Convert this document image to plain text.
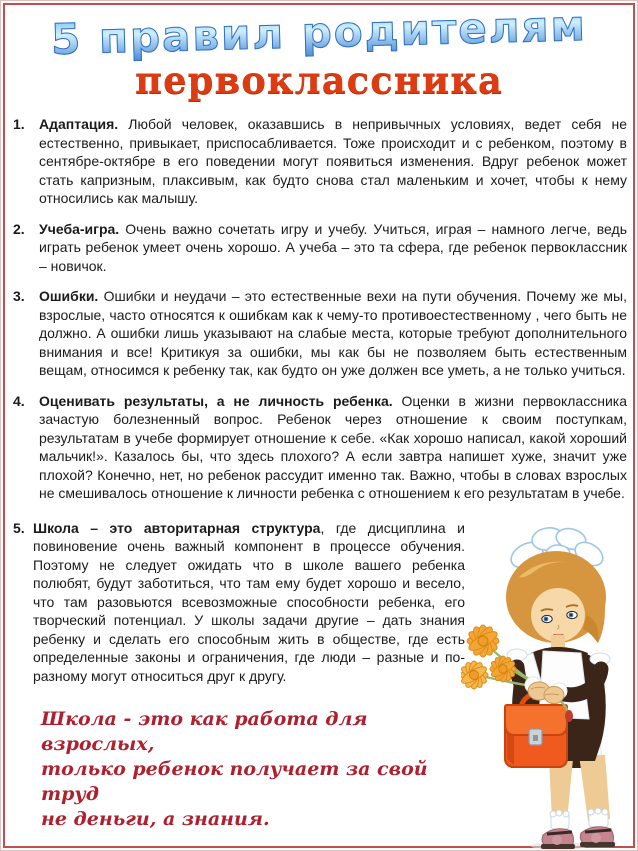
5 правил родителям
первоклассника
1.	Адаптация. Любой человек, оказавшись в непривычных условиях, ведет себя не естественно, привыкает, приспосабливается. Тоже происходит и с ребенком, поэтому в сентябре-октябре в его поведении могут появиться изменения. Вдруг ребенок может стать капризным, плаксивым, как будто снова стал маленьким и хочет, чтобы к нему относились как малышу.

2.	Учеба-игра. Очень важно сочетать игру и учебу. Учиться, играя – намного легче, ведь играть ребенок умеет очень хорошо. А учеба – это та сфера, где ребенок первоклассник – новичок.

3.	Ошибки. Ошибки и неудачи – это естественные вехи на пути обучения. Почему же мы, взрослые, часто относятся к ошибкам как к чему-то противоестественному , чего быть не должно. А ошибки лишь указывают на слабые места, которые требуют дополнительного внимания и все! Критикуя за ошибки, мы как бы не позволяем быть естественным вещам, относимся к ребенку так, как будто он уже должен все уметь, а не только учиться.

4.	Оценивать результаты, а не личность ребенка. Оценки в жизни первоклассника зачастую болезненный вопрос. Ребенок через отношение к своим поступкам, результатам в учебе формирует отношение к себе. «Как хорошо написал, какой хороший мальчик!». Казалось бы, что здесь плохого? А если завтра напишет хуже, значит уже плохой? Конечно, нет, но ребенок рассудит именно так. Важно, чтобы в словах взрослых не смешивалось отношение к личности ребенка с отношением к его результатам в учебе.

5. Школа – это авторитарная структура, где дисциплина и повиновение очень важный компонент в процессе обучения. Поэтому не следует ожидать что в школе вашего ребенка полюбят, будут заботиться, что там ему будет хорошо и весело, что там разовьются всевозможные способности ребенка, его творческий потенциал. У школы задачи другие – дать знания ребенку и сделать его способным жить в обществе, где есть определенные законы и ограничения, где люди – разные и по-разному могут относиться друг к другу.

Школа - это как работа для взрослых,
только ребенок получает за свой труд
не деньги, а знания.
